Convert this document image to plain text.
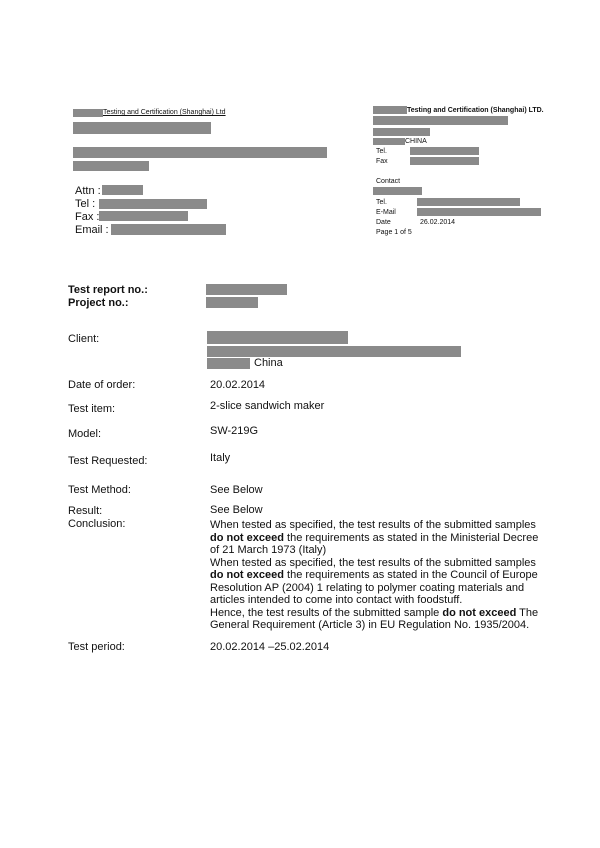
Testing and Certification (Shanghai) Ltd
Attn :
Tel :
Fax :
Email :
Testing and Certification (Shanghai) LTD.
CHINA
Tel.
Fax
Contact
Tel.
E-Mail
Date	26.02.2014
Page 1 of 5
Test report no.:
Project no.:
Client:
China
Date of order:	20.02.2014
Test item:	2-slice sandwich maker
Model:	SW-219G
Test Requested:	Italy
Test Method:	See Below
Result:	See Below
Conclusion:	When tested as specified, the test results of the submitted samples do not exceed the requirements as stated in the Ministerial Decree of 21 March 1973 (Italy)

When tested as specified, the test results of the submitted samples do not exceed the requirements as stated in the Council of Europe Resolution AP (2004) 1 relating to polymer coating materials and articles intended to come into contact with foodstuff.

Hence, the test results of the submitted sample do not exceed The General Requirement (Article 3) in EU Regulation No. 1935/2004.

Test period:	20.02.2014 –25.02.2014
